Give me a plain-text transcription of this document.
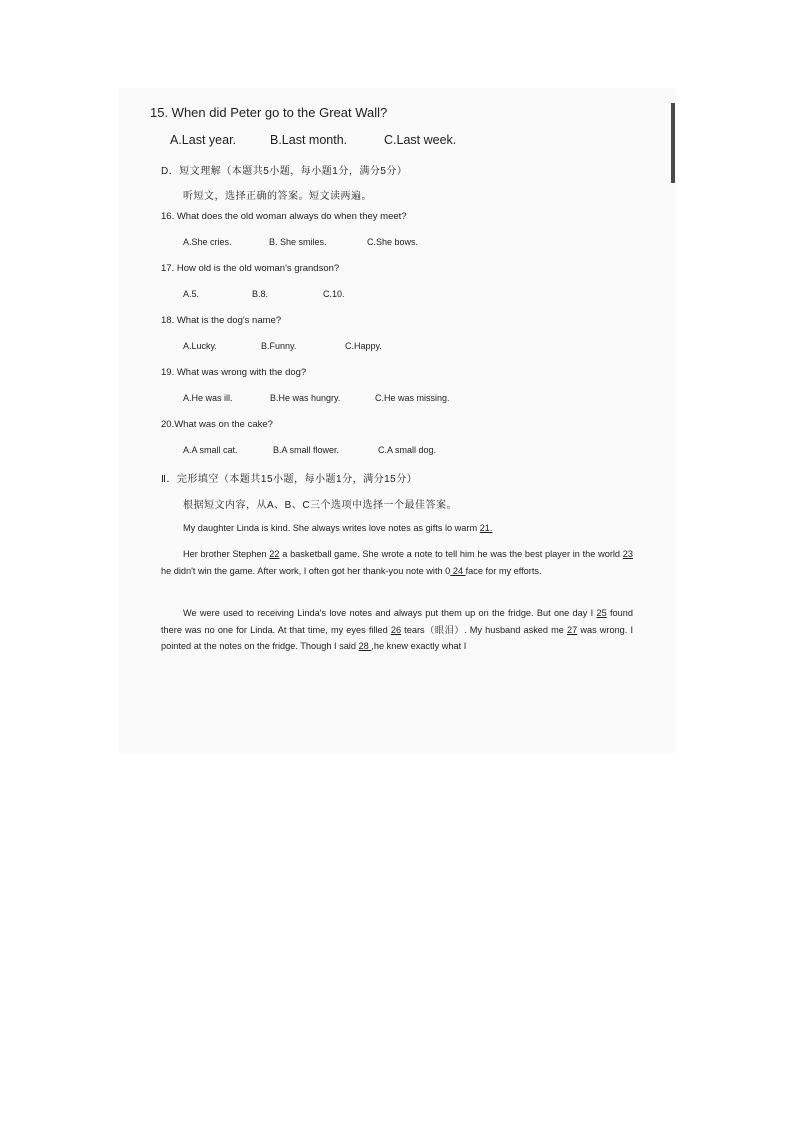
15. When did Peter go to the Great Wall?
A.Last year.	B.Last month.	C.Last week.
D．短文理解（本题共5小题，每小题1分，满分5分）
听短文，选择正确的答案。短文读两遍。
16. What does the old woman always do when they meet?
A.She cries.	B. She smiles.	C.She bows.
17. How old is the old woman's grandson?
A.5.	B.8.	C.10.
18. What is the dog's name?
A.Lucky.	B.Funny.	C.Happy.
19. What was wrong with the dog?
A.He was ill.	B.He was hungry.	C.He was missing.
20.What was on the cake?
A.A small cat.	B.A small flower.	C.A small dog.
Ⅱ．完形填空（本题共15小题，每小题1分，满分15分）
根据短文内容，从A、B、C三个选项中选择一个最佳答案。
My daughter Linda is kind. She always writes love notes as gifts lo warm 21.
Her brother Stephen 22 a basketball game. She wrote a note to tell him he was the best player in the world 23 he didn't win the game. After work, I often got her thank-you note with 0 24 face for my efforts.
We were used to receiving Linda's love notes and always put them up on the fridge. But one day I 25 found there was no one for Linda. At that time, my eyes filled 26 tears（眼泪）. My husband asked me 27 was wrong. I pointed at the notes on the fridge. Though I said 28 ,he knew exactly what I
